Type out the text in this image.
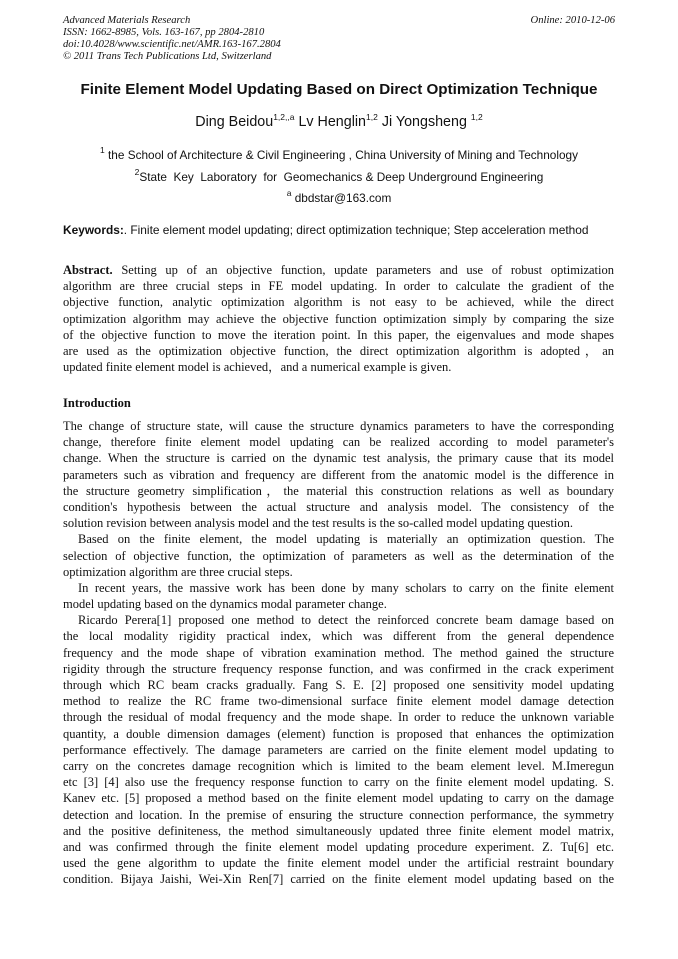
Advanced Materials Research
ISSN: 1662-8985, Vols. 163-167, pp 2804-2810
doi:10.4028/www.scientific.net/AMR.163-167.2804
© 2011 Trans Tech Publications Ltd, Switzerland
Online: 2010-12-06
Finite Element Model Updating Based on Direct Optimization Technique
Ding Beidou$^{1,2,,a}$ Lv Henglin$^{1,2}$ Ji Yongsheng $^{1,2}$
$^1$ the School of Architecture & Civil Engineering , China University of Mining and Technology
$^2$State  Key  Laboratory  for  Geomechanics & Deep Underground Engineering
$^a$ dbdstar@163.com
Keywords:. Finite element model updating; direct optimization technique; Step acceleration method
Abstract. Setting up of an objective function, update parameters and use of robust optimization
algorithm are three crucial steps in FE model updating. In order to calculate the gradient of the
objective function, analytic optimization algorithm is not easy to be achieved, while the direct
optimization algorithm may achieve the objective function optimization simply by comparing the size
of the objective function to move the iteration point. In this paper, the eigenvalues and mode shapes
are used as the optimization objective function, the direct optimization algorithm is adopted，an
updated finite element model is achieved，and a numerical example is given.
Introduction
The change of structure state, will cause the structure dynamics parameters to have the corresponding
change, therefore finite element model updating can be realized according to model parameter's
change. When the structure is carried on the dynamic test analysis, the primary cause that its model
parameters such as vibration and frequency are different from the anatomic model is the difference in
the structure geometry simplification，the material this construction relations as well as boundary
condition's hypothesis between the actual structure and analysis model. The consistency of the
solution revision between analysis model and the test results is the so-called model updating question.
Based on the finite element, the model updating is materially an optimization question. The
selection of objective function, the optimization of parameters as well as the determination of the
optimization algorithm are three crucial steps.
In recent years, the massive work has been done by many scholars to carry on the finite element
model updating based on the dynamics modal parameter change.
Ricardo Perera[1] proposed one method to detect the reinforced concrete beam damage based on
the local modality rigidity practical index, which was different from the general dependence
frequency and the mode shape of vibration examination method. The method gained the structure
rigidity through the structure frequency response function, and was confirmed in the crack experiment
through which RC beam cracks gradually. Fang S. E. [2] proposed one sensitivity model updating
method to realize the RC frame two-dimensional surface finite element model damage detection
through the residual of modal frequency and the mode shape. In order to reduce the unknown variable
quantity, a double dimension damages (element) function is proposed that enhances the optimization
performance effectively. The damage parameters are carried on the finite element model updating to
carry on the concretes damage recognition which is limited to the beam element level. M.Imeregun
etc [3] [4] also use the frequency response function to carry on the finite element model updating. S.
Kanev etc. [5] proposed a method based on the finite element model updating to carry on the damage
detection and location. In the premise of ensuring the structure connection performance, the symmetry
and the positive definiteness, the method simultaneously updated three finite element model matrix,
and was confirmed through the finite element model updating procedure experiment. Z. Tu[6] etc.
used the gene algorithm to update the finite element model under the artificial restraint boundary
condition. Bijaya Jaishi, Wei-Xin Ren[7] carried on the finite element model updating based on the
